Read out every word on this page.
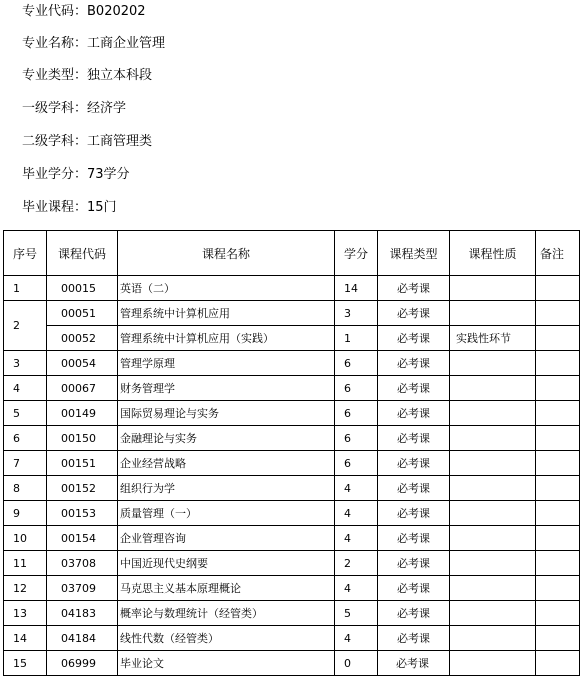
专业代码：B020202
专业名称：工商企业管理
专业类型：独立本科段
一级学科：经济学
二级学科：工商管理类
毕业学分：73学分
毕业课程：15门
序号	课程代码	课程名称	学分	课程类型	课程性质	备注
1	00015	英语（二）	14	必考课		
2	00051	管理系统中计算机应用	3	必考课		
	00052	管理系统中计算机应用（实践）	1	必考课	实践性环节	
3	00054	管理学原理	6	必考课		
4	00067	财务管理学	6	必考课		
5	00149	国际贸易理论与实务	6	必考课		
6	00150	金融理论与实务	6	必考课		
7	00151	企业经营战略	6	必考课		
8	00152	组织行为学	4	必考课		
9	00153	质量管理（一）	4	必考课		
10	00154	企业管理咨询	4	必考课		
11	03708	中国近现代史纲要	2	必考课		
12	03709	马克思主义基本原理概论	4	必考课		
13	04183	概率论与数理统计（经管类）	5	必考课		
14	04184	线性代数（经管类）	4	必考课		
15	06999	毕业论文	0	必考课		
